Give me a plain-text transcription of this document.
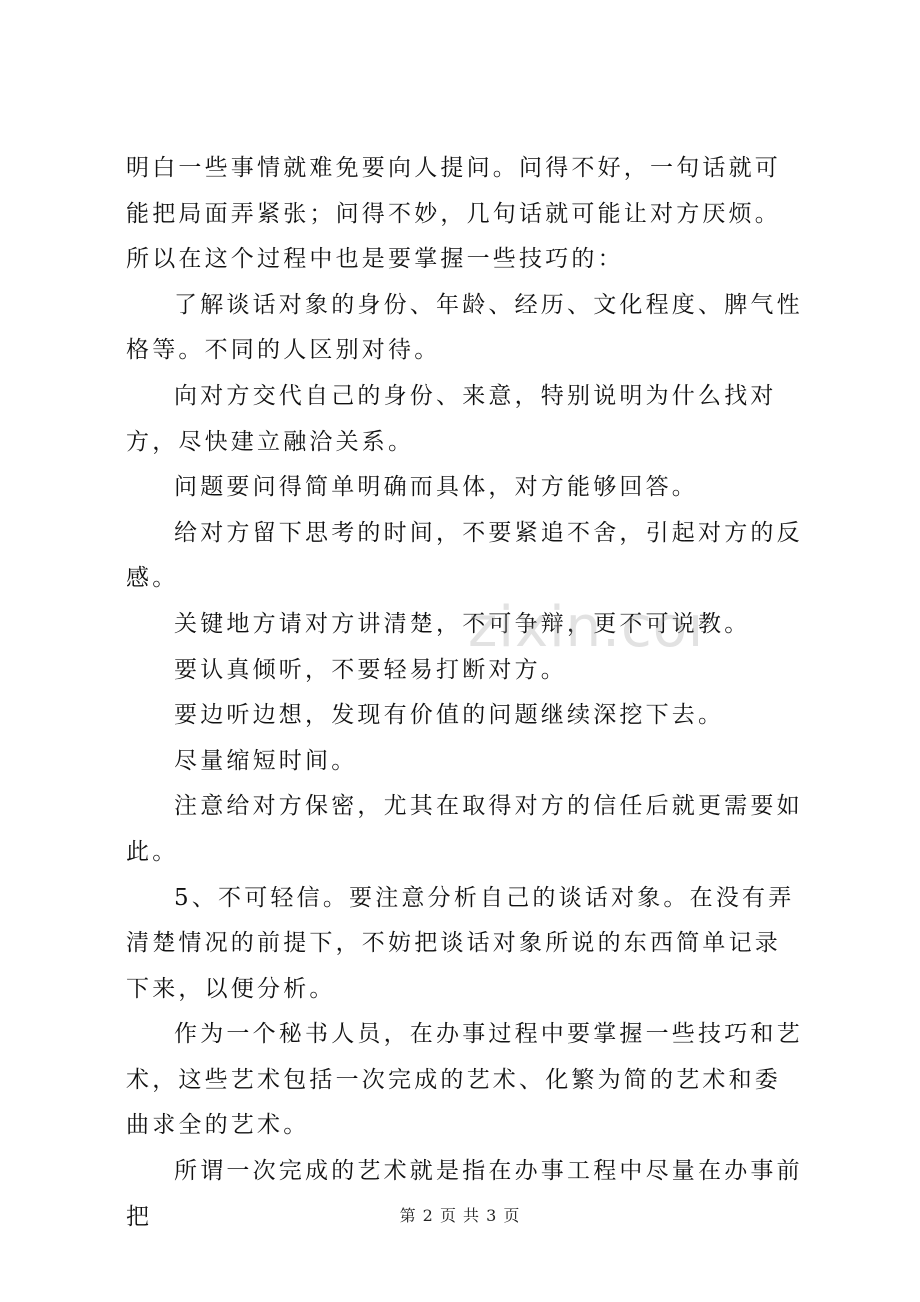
明白一些事情就难免要向人提问。问得不好，一句话就可能把局面弄紧张；问得不妙，几句话就可能让对方厌烦。所以在这个过程中也是要掌握一些技巧的：

了解谈话对象的身份、年龄、经历、文化程度、脾气性格等。不同的人区别对待。

向对方交代自己的身份、来意，特别说明为什么找对方，尽快建立融洽关系。

问题要问得简单明确而具体，对方能够回答。

给对方留下思考的时间，不要紧追不舍，引起对方的反感。

关键地方请对方讲清楚，不可争辩，更不可说教。

要认真倾听，不要轻易打断对方。

要边听边想，发现有价值的问题继续深挖下去。

尽量缩短时间。

注意给对方保密，尤其在取得对方的信任后就更需要如此。

5、不可轻信。要注意分析自己的谈话对象。在没有弄清楚情况的前提下，不妨把谈话对象所说的东西简单记录下来，以便分析。

作为一个秘书人员，在办事过程中要掌握一些技巧和艺术，这些艺术包括一次完成的艺术、化繁为简的艺术和委曲求全的艺术。

所谓一次完成的艺术就是指在办事工程中尽量在办事前把

zixin.co
第 2 页 共 3 页
